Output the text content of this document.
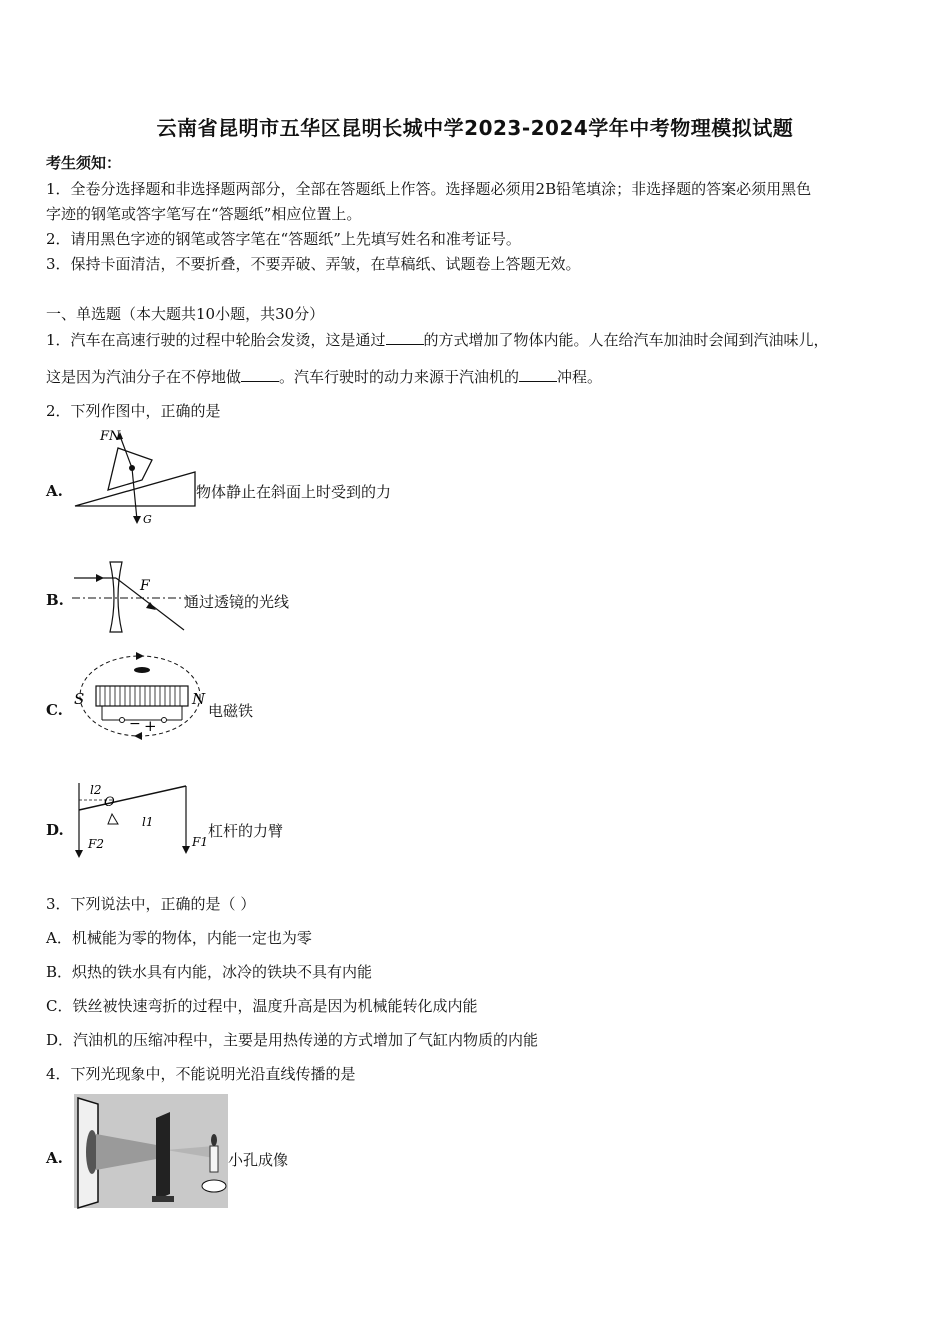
云南省昆明市五华区昆明长城中学2023-2024学年中考物理模拟试题
考生须知：
1．全卷分选择题和非选择题两部分，全部在答题纸上作答。选择题必须用2B铅笔填涂；非选择题的答案必须用黑色
字迹的钢笔或答字笔写在“答题纸”相应位置上。
2．请用黑色字迹的钢笔或答字笔在“答题纸”上先填写姓名和准考证号。
3．保持卡面清洁，不要折叠，不要弄破、弄皱，在草稿纸、试题卷上答题无效。
一、单选题（本大题共10小题，共30分）
1．汽车在高速行驶的过程中轮胎会发烫，这是通过	的方式增加了物体内能。人在给汽车加油时会闻到汽油味儿，
这是因为汽油分子在不停地做	。汽车行驶时的动力来源于汽油机的	冲程。
2．下列作图中，正确的是
A.
FN
G
物体静止在斜面上时受到的力
B.
F
通过透镜的光线
C.
S	N
− +
电磁铁
D.
l2
O
l1
F2	F1
杠杆的力臂
3．下列说法中，正确的是（ ）
A．机械能为零的物体，内能一定也为零
B．炽热的铁水具有内能，冰冷的铁块不具有内能
C．铁丝被快速弯折的过程中，温度升高是因为机械能转化成内能
D．汽油机的压缩冲程中，主要是用热传递的方式增加了气缸内物质的内能
4．下列光现象中，不能说明光沿直线传播的是
A.	小孔成像
